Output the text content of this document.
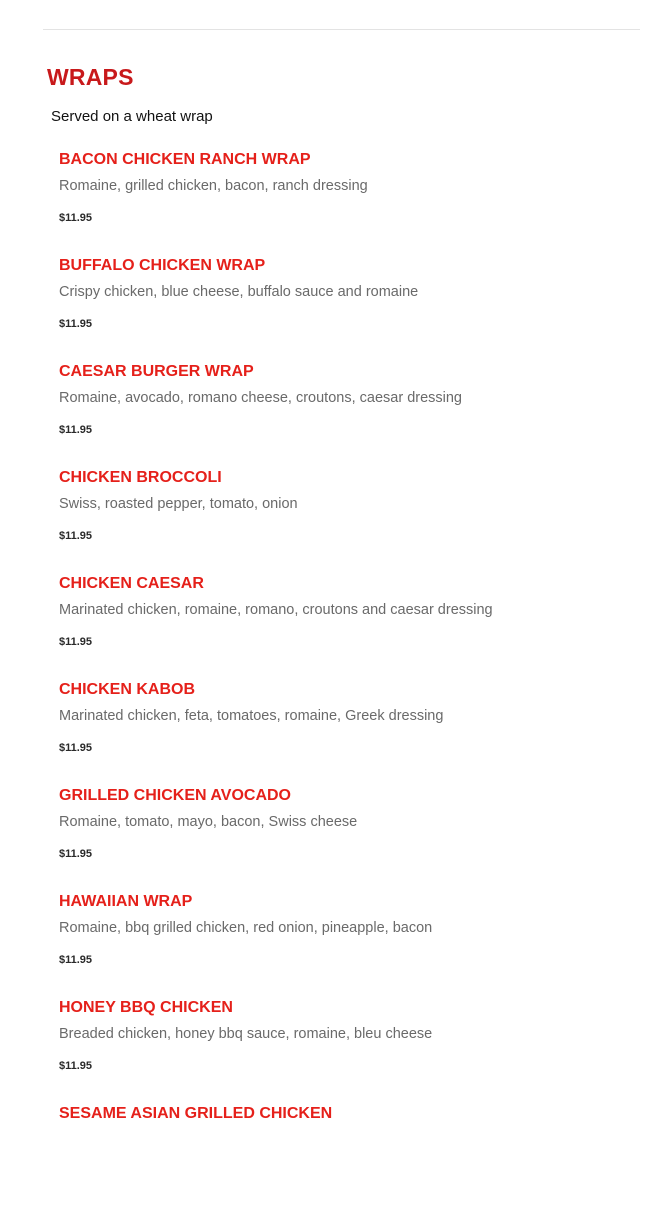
WRAPS

Served on a wheat wrap

BACON CHICKEN RANCH WRAP
Romaine, grilled chicken, bacon, ranch dressing
$11.95
BUFFALO CHICKEN WRAP
Crispy chicken, blue cheese, buffalo sauce and romaine
$11.95
CAESAR BURGER WRAP
Romaine, avocado, romano cheese, croutons, caesar dressing
$11.95
CHICKEN BROCCOLI
Swiss, roasted pepper, tomato, onion
$11.95
CHICKEN CAESAR
Marinated chicken, romaine, romano, croutons and caesar dressing
$11.95
CHICKEN KABOB
Marinated chicken, feta, tomatoes, romaine, Greek dressing
$11.95
GRILLED CHICKEN AVOCADO
Romaine, tomato, mayo, bacon, Swiss cheese
$11.95
HAWAIIAN WRAP
Romaine, bbq grilled chicken, red onion, pineapple, bacon
$11.95
HONEY BBQ CHICKEN
Breaded chicken, honey bbq sauce, romaine, bleu cheese
$11.95
SESAME ASIAN GRILLED CHICKEN
